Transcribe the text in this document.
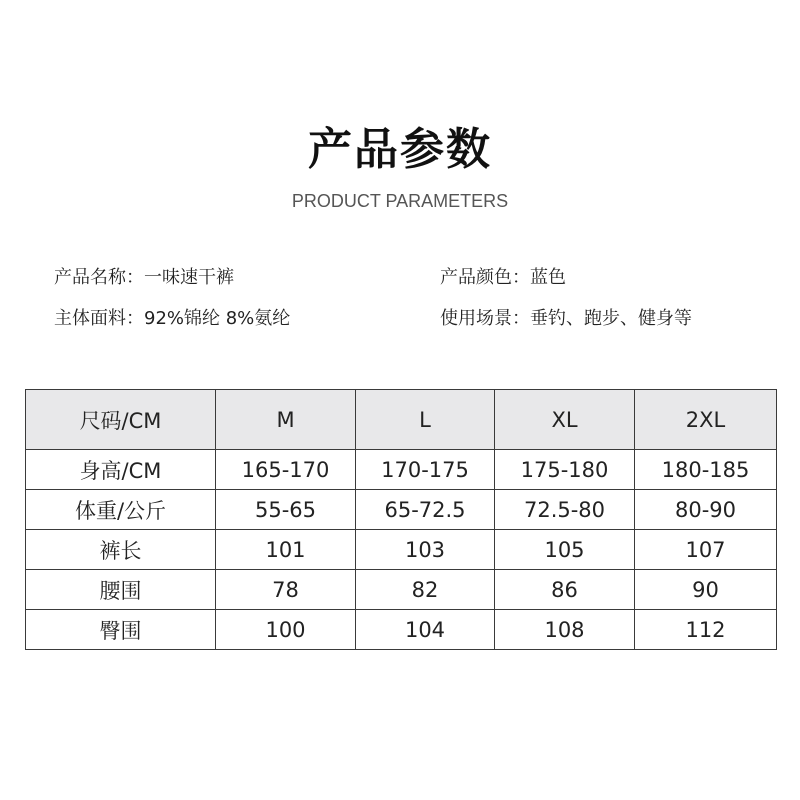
产品参数
PRODUCT PARAMETERS
产品名称：一味速干裤	产品颜色：蓝色
主体面料：92%锦纶 8%氨纶	使用场景：垂钓、跑步、健身等
尺码/CM	M	L	XL	2XL
身高/CM	165-170	170-175	175-180	180-185
体重/公斤	55-65	65-72.5	72.5-80	80-90
裤长	101	103	105	107
腰围	78	82	86	90
臀围	100	104	108	112
